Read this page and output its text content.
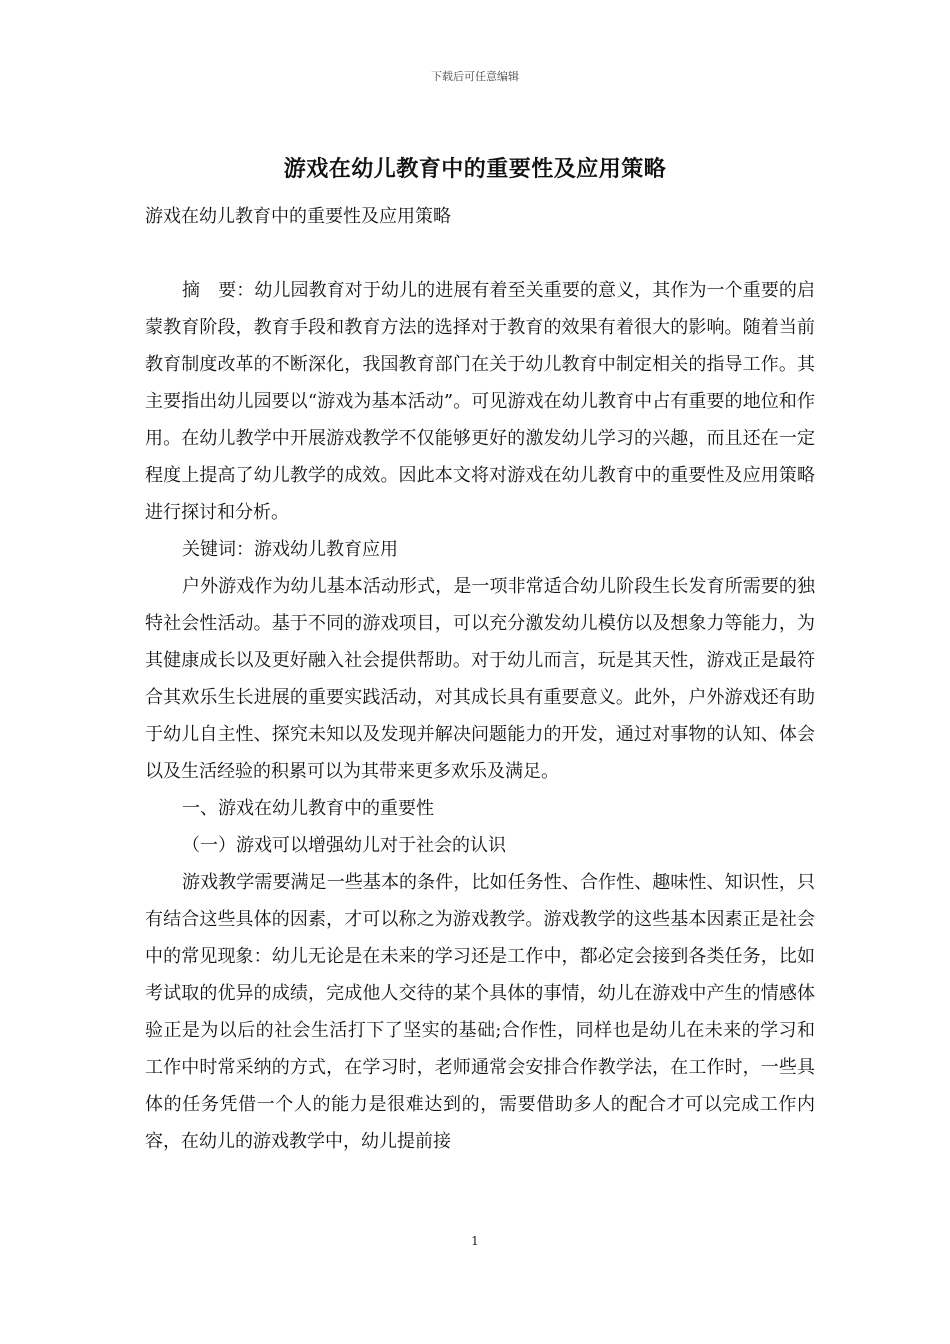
下载后可任意编辑
游戏在幼儿教育中的重要性及应用策略

游戏在幼儿教育中的重要性及应用策略

摘　要：幼儿园教育对于幼儿的进展有着至关重要的意义，其作为一个重要的启蒙教育阶段，教育手段和教育方法的选择对于教育的效果有着很大的影响。随着当前教育制度改革的不断深化，我国教育部门在关于幼儿教育中制定相关的指导工作。其主要指出幼儿园要以“游戏为基本活动”。可见游戏在幼儿教育中占有重要的地位和作用。在幼儿教学中开展游戏教学不仅能够更好的激发幼儿学习的兴趣，而且还在一定程度上提高了幼儿教学的成效。因此本文将对游戏在幼儿教育中的重要性及应用策略进行探讨和分析。

关键词：游戏幼儿教育应用

户外游戏作为幼儿基本活动形式，是一项非常适合幼儿阶段生长发育所需要的独特社会性活动。基于不同的游戏项目，可以充分激发幼儿模仿以及想象力等能力，为其健康成长以及更好融入社会提供帮助。对于幼儿而言，玩是其天性，游戏正是最符合其欢乐生长进展的重要实践活动，对其成长具有重要意义。此外，户外游戏还有助于幼儿自主性、探究未知以及发现并解决问题能力的开发，通过对事物的认知、体会以及生活经验的积累可以为其带来更多欢乐及满足。

一、游戏在幼儿教育中的重要性

（一）游戏可以增强幼儿对于社会的认识

游戏教学需要满足一些基本的条件，比如任务性、合作性、趣味性、知识性，只有结合这些具体的因素，才可以称之为游戏教学。游戏教学的这些基本因素正是社会中的常见现象：幼儿无论是在未来的学习还是工作中，都必定会接到各类任务，比如考试取的优异的成绩，完成他人交待的某个具体的事情，幼儿在游戏中产生的情感体验正是为以后的社会生活打下了坚实的基础;合作性，同样也是幼儿在未来的学习和工作中时常采纳的方式，在学习时，老师通常会安排合作教学法，在工作时，一些具体的任务凭借一个人的能力是很难达到的，需要借助多人的配合才可以完成工作内容，在幼儿的游戏教学中，幼儿提前接

1
